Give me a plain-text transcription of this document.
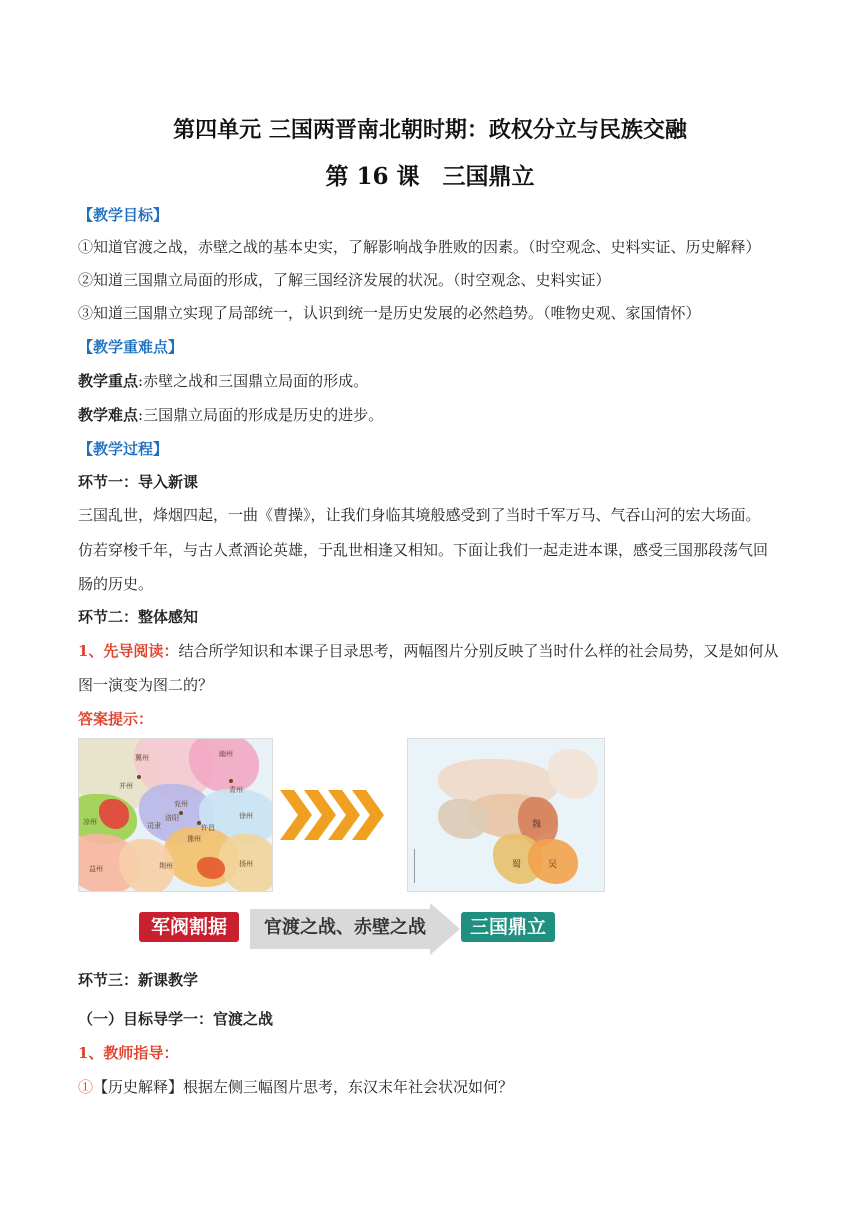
第四单元 三国两晋南北朝时期：政权分立与民族交融
第 16 课　三国鼎立
【教学目标】
①知道官渡之战，赤壁之战的基本史实，了解影响战争胜败的因素。（时空观念、史料实证、历史解释）
②知道三国鼎立局面的形成，了解三国经济发展的状况。（时空观念、史料实证）
③知道三国鼎立实现了局部统一，认识到统一是历史发展的必然趋势。（唯物史观、家国情怀）
【教学重难点】
教学重点:赤壁之战和三国鼎立局面的形成。
教学难点:三国鼎立局面的形成是历史的进步。
【教学过程】
环节一：导入新课
三国乱世，烽烟四起，一曲《曹操》，让我们身临其境般感受到了当时千军万马、气吞山河的宏大场面。
仿若穿梭千年，与古人煮酒论英雄，于乱世相逢又相知。下面让我们一起走进本课，感受三国那段荡气回
肠的历史。
环节二：整体感知
1、先导阅读：结合所学知识和本课子目录思考，两幅图片分别反映了当时什么样的社会局势，又是如何从
图一演变为图二的？
答案提示：
冀州	幽州
并州
兖州
豫州
徐州
凉州
荆州	扬州
益州
司隶
青州
洛阳
许昌	魏
蜀	吴
军阀割据	官渡之战、赤壁之战	三国鼎立
环节三：新课教学
（一）目标导学一：官渡之战
1、教师指导：
①【历史解释】根据左侧三幅图片思考，东汉末年社会状况如何？
